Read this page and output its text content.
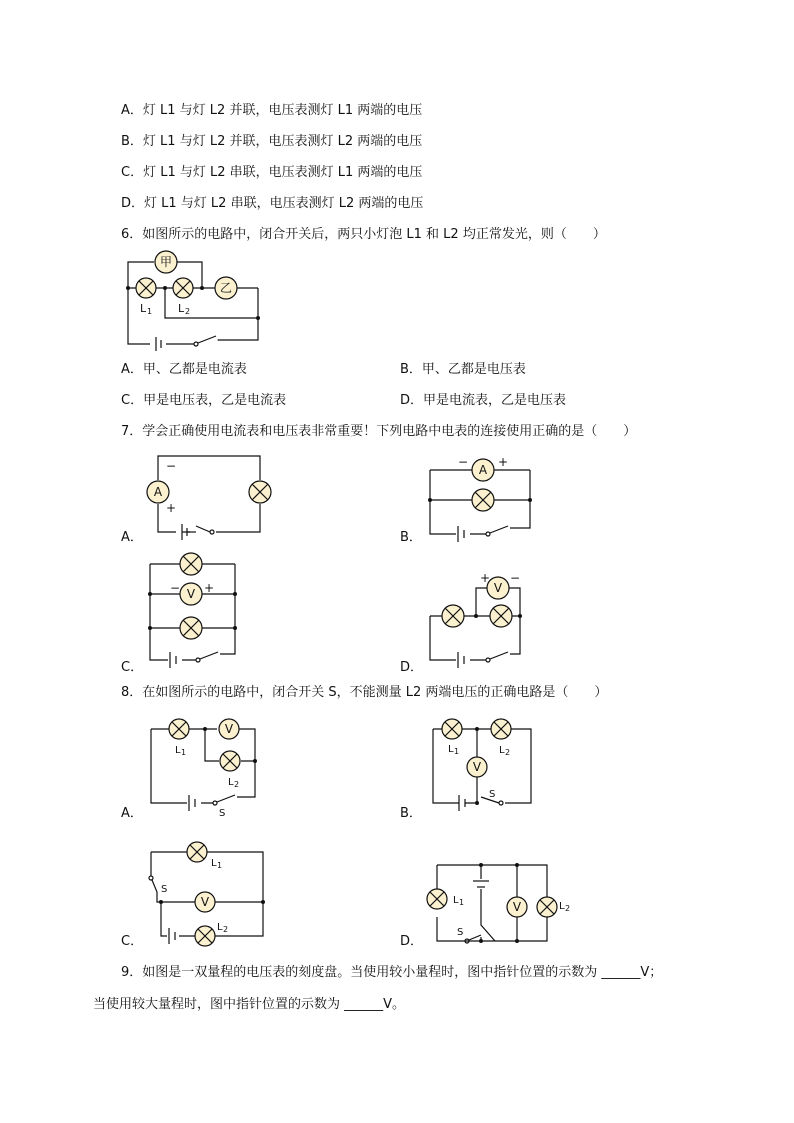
A．灯 L1 与灯 L2 并联，电压表测灯 L1 两端的电压
B．灯 L1 与灯 L2 并联，电压表测灯 L2 两端的电压
C．灯 L1 与灯 L2 串联，电压表测灯 L1 两端的电压
D．灯 L1 与灯 L2 串联，电压表测灯 L2 两端的电压
6．如图所示的电路中，闭合开关后，两只小灯泡 L1 和 L2 均正常发光，则（　　）
甲
乙
L 1 L 2
A．甲、乙都是电流表	B．甲、乙都是电压表
C．甲是电压表，乙是电流表	D．甲是电流表，乙是电压表
7．学会正确使用电流表和电压表非常重要！下列电路中电表的连接使用正确的是（　　）
A
−
+
A．
A
− +
B．
V
− +
C．
V
+ −
D．
8．在如图所示的电路中，闭合开关 S，不能测量 L2 两端电压的正确电路是（　　）
L 1
V
L 2
S
A．
L 1	L 2
V
S
B．
L 1
V
L 2
S
C．
L 1	V	L 2
S
D．
9．如图是一双量程的电压表的刻度盘。当使用较小量程时，图中指针位置的示数为 ______V；
当使用较大量程时，图中指针位置的示数为 ______V。
